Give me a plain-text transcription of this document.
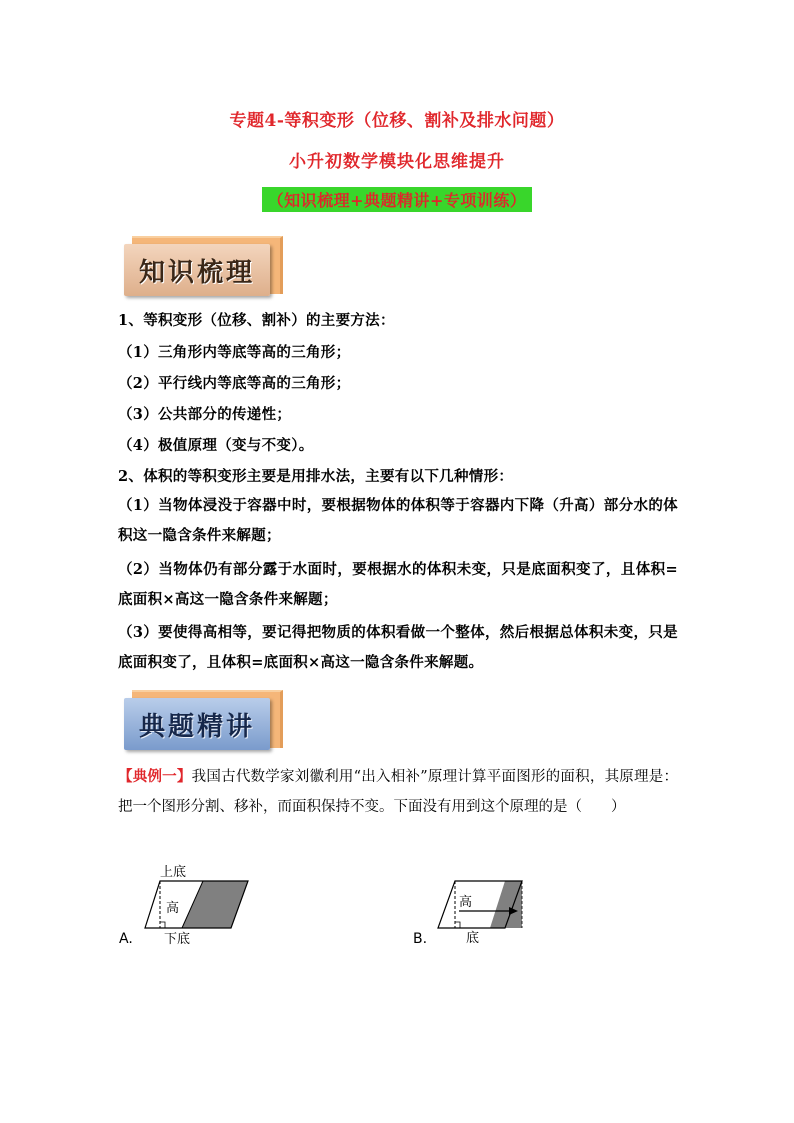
专题4-等积变形（位移、割补及排水问题）
小升初数学模块化思维提升
（知识梳理+典题精讲+专项训练）
知识梳理
1、等积变形（位移、割补）的主要方法：
（1）三角形内等底等高的三角形；
（2）平行线内等底等高的三角形；
（3）公共部分的传递性；
（4）极值原理（变与不变）。
2、体积的等积变形主要是用排水法，主要有以下几种情形：
（1）当物体浸没于容器中时，要根据物体的体积等于容器内下降（升高）部分水的体积这一隐含条件来解题；
（2）当物体仍有部分露于水面时，要根据水的体积未变，只是底面积变了，且体积=底面积×高这一隐含条件来解题；
（3）要使得高相等，要记得把物质的体积看做一个整体，然后根据总体积未变，只是底面积变了，且体积=底面积×高这一隐含条件来解题。
典题精讲
【典例一】我国古代数学家刘徽利用“出入相补”原理计算平面图形的面积，其原理是：把一个图形分割、移补，而面积保持不变。下面没有用到这个原理的是（　　）
A.
上底
高
下底	B.
高
底
